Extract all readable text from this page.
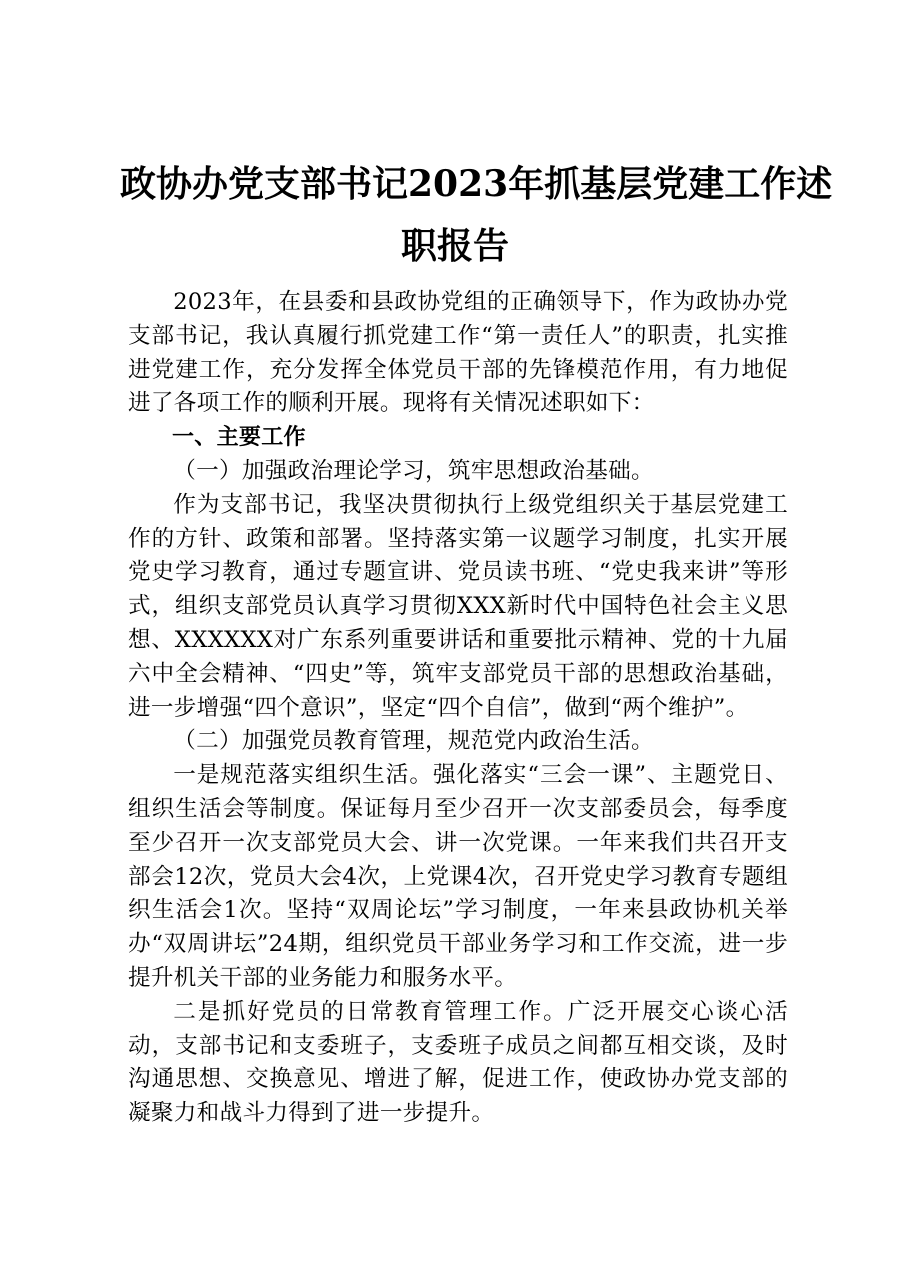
政协办党支部书记2023年抓基层党建工作述
职报告

2023年，在县委和县政协党组的正确领导下，作为政协办党支部书记，我认真履行抓党建工作“第一责任人”的职责，扎实推进党建工作，充分发挥全体党员干部的先锋模范作用，有力地促进了各项工作的顺利开展。现将有关情况述职如下：

一、主要工作
（一）加强政治理论学习，筑牢思想政治基础。

作为支部书记，我坚决贯彻执行上级党组织关于基层党建工作的方针、政策和部署。坚持落实第一议题学习制度，扎实开展党史学习教育，通过专题宣讲、党员读书班、“党史我来讲”等形式，组织支部党员认真学习贯彻XXX新时代中国特色社会主义思想、XXXXXX对广东系列重要讲话和重要批示精神、党的十九届六中全会精神、“四史”等，筑牢支部党员干部的思想政治基础，进一步增强“四个意识”，坚定“四个自信”，做到“两个维护”。

（二）加强党员教育管理，规范党内政治生活。

一是规范落实组织生活。强化落实“三会一课”、主题党日、组织生活会等制度。保证每月至少召开一次支部委员会，每季度至少召开一次支部党员大会、讲一次党课。一年来我们共召开支部会12次，党员大会4次，上党课4次，召开党史学习教育专题组织生活会1次。坚持“双周论坛”学习制度，一年来县政协机关举办“双周讲坛”24期，组织党员干部业务学习和工作交流，进一步提升机关干部的业务能力和服务水平。

二是抓好党员的日常教育管理工作。广泛开展交心谈心活动，支部书记和支委班子，支委班子成员之间都互相交谈，及时沟通思想、交换意见、增进了解，促进工作，使政协办党支部的凝聚力和战斗力得到了进一步提升。
